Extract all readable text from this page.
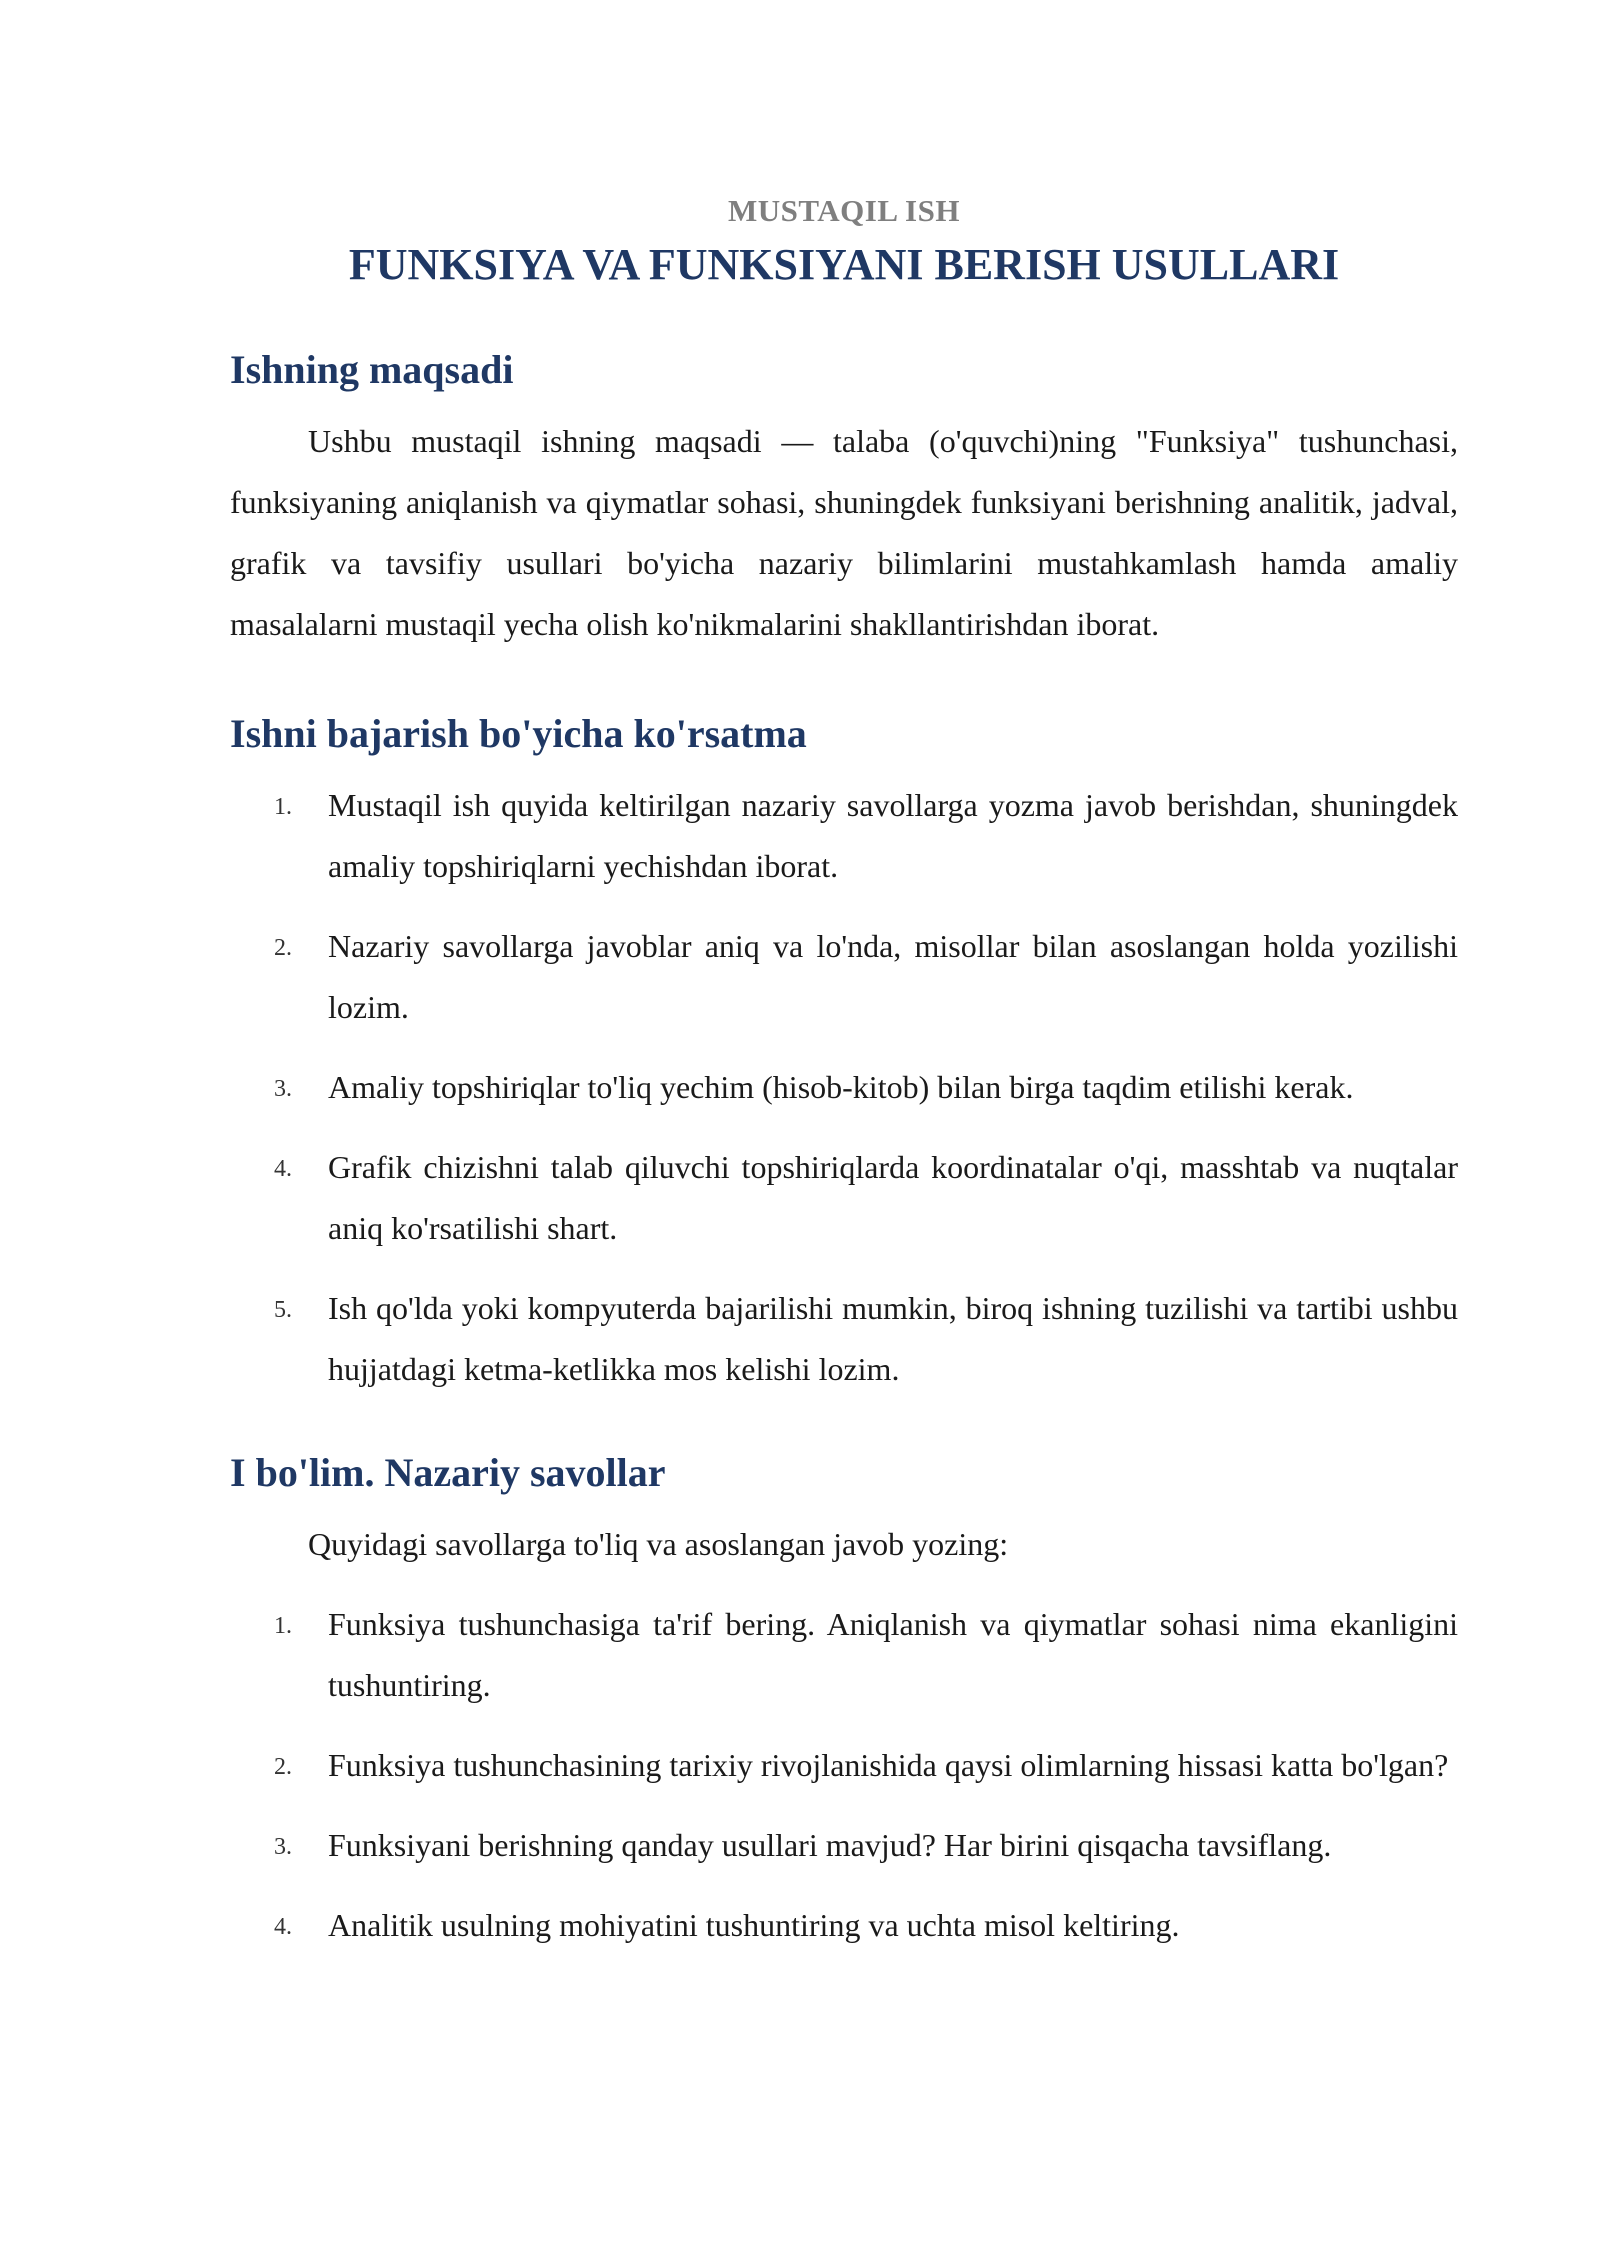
MUSTAQIL ISH
FUNKSIYA VA FUNKSIYANI BERISH USULLARI
Ishning maqsadi

Ushbu mustaqil ishning maqsadi — talaba (o'quvchi)ning "Funksiya" tushunchasi, funksiyaning aniqlanish va qiymatlar sohasi, shuningdek funksiyani berishning analitik, jadval, grafik va tavsifiy usullari bo'yicha nazariy bilimlarini mustahkamlash hamda amaliy masalalarni mustaqil yecha olish ko'nikmalarini shakllantirishdan iborat.

Ishni bajarish bo'yicha ko'rsatma
1. Mustaqil ish quyida keltirilgan nazariy savollarga yozma javob berishdan, shuningdek amaliy topshiriqlarni yechishdan iborat.
2. Nazariy savollarga javoblar aniq va lo'nda, misollar bilan asoslangan holda yozilishi lozim.
3. Amaliy topshiriqlar to'liq yechim (hisob-kitob) bilan birga taqdim etilishi kerak.
4. Grafik chizishni talab qiluvchi topshiriqlarda koordinatalar o'qi, masshtab va nuqtalar aniq ko'rsatilishi shart.
5. Ish qo'lda yoki kompyuterda bajarilishi mumkin, biroq ishning tuzilishi va tartibi ushbu hujjatdagi ketma-ketlikka mos kelishi lozim.
I bo'lim. Nazariy savollar

Quyidagi savollarga to'liq va asoslangan javob yozing:

1. Funksiya tushunchasiga ta'rif bering. Aniqlanish va qiymatlar sohasi nima ekanligini tushuntiring.
2. Funksiya tushunchasining tarixiy rivojlanishida qaysi olimlarning hissasi katta bo'lgan?
3. Funksiyani berishning qanday usullari mavjud? Har birini qisqacha tavsiflang.
4. Analitik usulning mohiyatini tushuntiring va uchta misol keltiring.
